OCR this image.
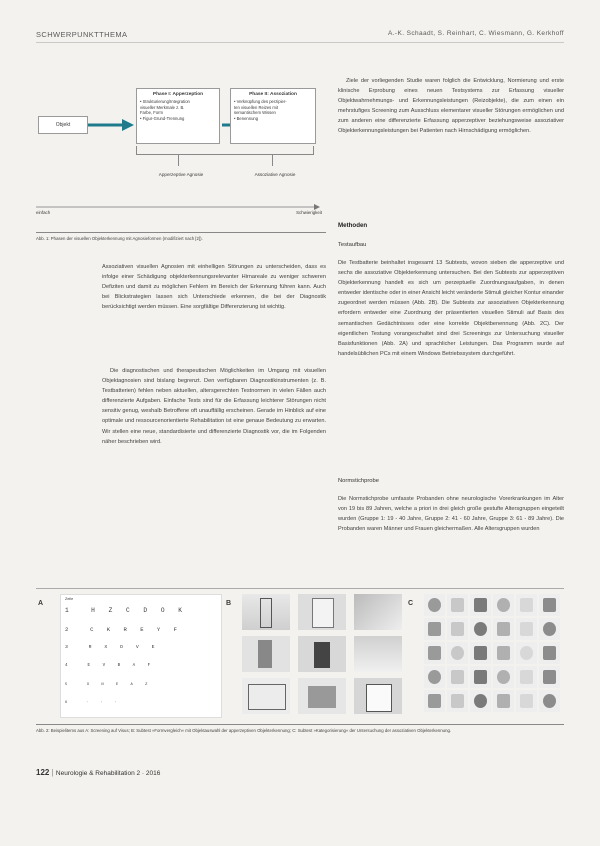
SCHWERPUNKTTHEMA	A.-K. Schaadt, S. Reinhart, C. Wiesmann, G. Kerkhoff
Objekt
Phase I: Apperzeption
• Strukturierung/Integration
visueller Merkmale z. B.
Farbe, Form
• Figur-Grund-Trennung
Phase II: Assoziation
• Verknüpfung des perzipier-
ten visuellen Reizes mit
semantischem Wissen
• Benennung
Apperzeptive Agnosie	Assoziative Agnosie
einfach	Schwierigkeit
Abb. 1: Phasen der visuellen Objekterkennung mit Agnosieformen (modifiziert nach [2]).
Assoziativen visuellen Agnosien mit einhelligen Störungen zu unterscheiden, dass es infolge einer Schädigung objekterkennungsrelevanter Hirnareale zu weniger schweren Defiziten und damit zu möglichen Fehlern im Bereich der Erkennung führen kann. Auch bei Blickstrategien lassen sich Unterschiede erkennen, die bei der Diagnostik berücksichtigt werden müssen. Eine sorgfältige Differenzierung ist wichtig.
Die diagnostischen und therapeutischen Möglichkeiten im Umgang mit visuellen Objektagnosien sind bislang begrenzt. Den verfügbaren Diagnostikinstrumenten (z. B. Testbatterien) fehlen neben aktuellen, altersgerechten Testnormen in vielen Fällen auch differenzierte Aufgaben. Einfache Tests sind für die Erfassung leichterer Störungen nicht sensitiv genug, weshalb Betroffene oft unauffällig erscheinen. Gerade im Hinblick auf eine optimale und ressourcenorientierte Rehabilitation ist eine genaue Bedeutung zu erwarten. Wir stellen eine neue, standardisierte und differenzierte Diagnostik vor, die im Folgenden näher beschrieben wird.
Ziele der vorliegenden Studie waren folglich die Entwicklung, Normierung und erste klinische Erprobung eines neuen Testsystems zur Erfassung visueller Objektwahrnehmungs- und Erkennungsleistungen (Reizobjekte), die zum einen ein mehrstufiges Screening zum Ausschluss elementarer visueller Störungen ermöglichen und zum anderen eine differenzierte Erfassung apperzeptiver beziehungsweise assoziativer Objekterkennungsleistungen bei Patienten nach Hirnschädigung ermöglichen.
Methoden
Testaufbau
Die Testbatterie beinhaltet insgesamt 13 Subtests, wovon sieben die apperzeptive und sechs die assoziative Objekterkennung untersuchen. Bei den Subtests zur apperzeptiven Objekterkennung handelt es sich um perzeptuelle Zuordnungsaufgaben, in denen entweder identische oder in einer Ansicht leicht veränderte Stimuli gleicher Kontur einander zugeordnet werden müssen (Abb. 2B). Die Subtests zur assoziativen Objekterkennung erfordern entweder eine Zuordnung der präsentierten visuellen Stimuli auf Basis des semantischen Gedächtnisses oder eine korrekte Objektbenennung (Abb. 2C). Der eigentlichen Testung vorangeschaltet sind drei Screenings zur Untersuchung visueller Basisfunktionen (Abb. 2A) und sprachlicher Leistungen. Das Programm wurde auf handelsüblichen PCs mit einem Windows Betriebssystem durchgeführt.
Normstichprobe
Die Normstichprobe umfasste Probanden ohne neurologische Vorerkrankungen im Alter von 19 bis 89 Jahren, welche a priori in drei gleich große gestufte Altersgruppen eingeteilt wurden (Gruppe 1: 19 - 40 Jahre, Gruppe 2: 41 - 60 Jahre, Gruppe 3: 61 - 89 Jahre). Die Probanden waren Männer und Frauen gleichermaßen. Alle Altersgruppen wurden
A	B	C
Zeile
1	H Z C D O K
2	C K R E Y F
3	R X D V E
4	E V B A F
5	X N E A Z
6	· · ·
Abb. 2: Beispielitems aus A: Screening auf Visus; B: Subtest »Formvergleich« mit Objektauswahl der apperzeptiven Objekterkennung; C: Subtest »Kategorisierung« der Untersuchung der assoziativen Objekterkennung.
122 | Neurologie & Rehabilitation 2 · 2016
